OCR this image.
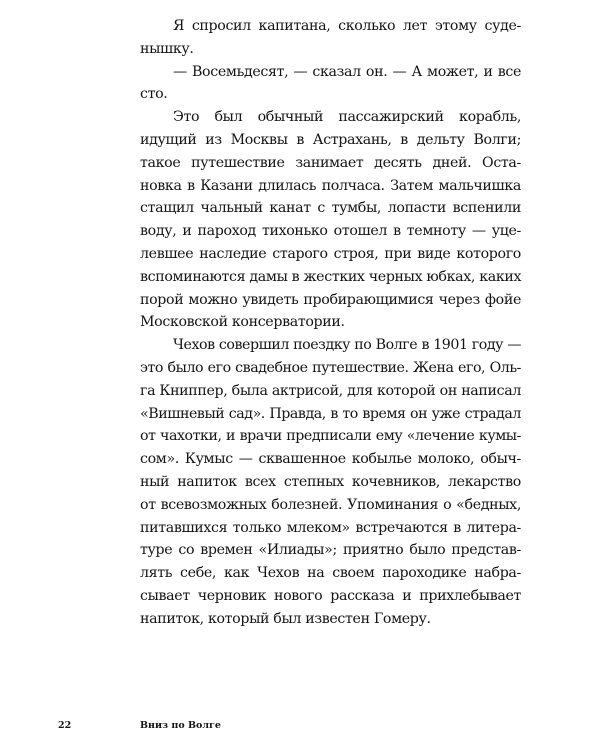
Я спросил капитана, сколько лет этому суде-
нышку.
— Восемьдесят, — сказал он. — А может, и все
сто.
Это был обычный пассажирский корабль,
идущий из Москвы в Астрахань, в дельту Волги;
такое путешествие занимает десять дней. Оста-
новка в Казани длилась полчаса. Затем мальчишка
стащил чальный канат с тумбы, лопасти вспенили
воду, и пароход тихонько отошел в темноту — уце-
левшее наследие старого строя, при виде которого
вспоминаются дамы в жестких черных юбках, каких
порой можно увидеть пробирающимися через фойе
Московской консерватории.
Чехов совершил поездку по Волге в 1901 году —
это было его свадебное путешествие. Жена его, Оль-
га Книппер, была актрисой, для которой он написал
«Вишневый сад». Правда, в то время он уже страдал
от чахотки, и врачи предписали ему «лечение кумы-
сом». Кумыс — сквашенное кобылье молоко, обыч-
ный напиток всех степных кочевников, лекарство
от всевозможных болезней. Упоминания о «бедных,
питавшихся только млеком» встречаются в литера-
туре со времен «Илиады»; приятно было представ-
лять себе, как Чехов на своем пароходике набра-
сывает черновик нового рассказа и прихлебывает
напиток, который был известен Гомеру.
22	Вниз по Волге
